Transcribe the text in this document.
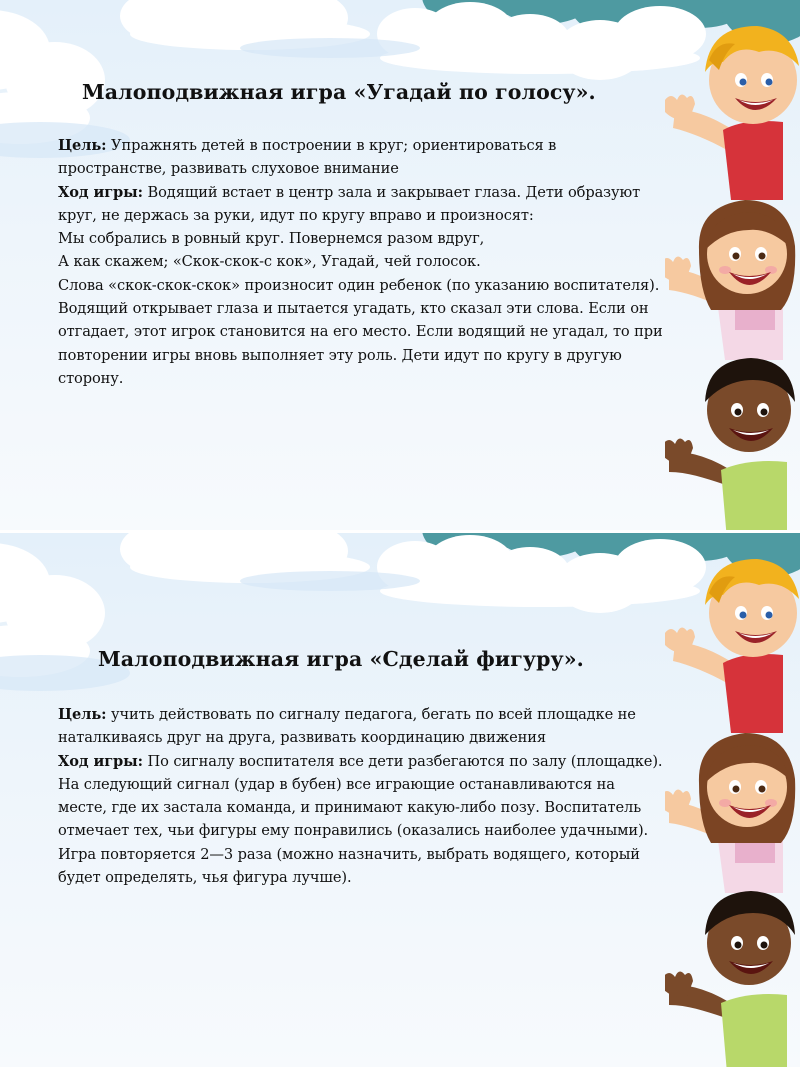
Малоподвижная игра «Угадай по голосу».

Цель: Упражнять детей в построении в круг; ориентироваться в пространстве, развивать слуховое внимание

Ход игры: Водящий встает в центр зала и закрывает глаза. Дети образуют круг, не держась за руки, идут по кругу вправо и произносят:

Мы собрались в ровный круг. Повернемся разом вдруг,

А как скажем; «Скок-скок-с кок», Угадай, чей голосок.

Слова «скок-скок-скок» произносит один ребенок (по указанию воспитателя).

Водящий открывает глаза и пытается угадать, кто сказал эти слова. Если он отгадает, этот игрок становится на его место. Если водящий не угадал, то при повторении игры вновь выполняет эту роль. Дети идут по кругу в другую сторону.

Малоподвижная игра «Сделай фигуру».

Цель: учить действовать по сигналу педагога, бегать по всей площадке не наталкиваясь друг на друга, развивать координацию движения

Ход игры: По сигналу воспитателя все дети разбегаются по залу (площадке). На следующий сигнал (удар в бубен) все играющие останавливаются на месте, где их застала команда, и принимают какую-либо позу. Воспитатель отмечает тех, чьи фигуры ему понравились (оказались наиболее удачными). Игра повторяется 2—3 раза (можно назначить, выбрать водящего, который будет определять, чья фигура лучше).
